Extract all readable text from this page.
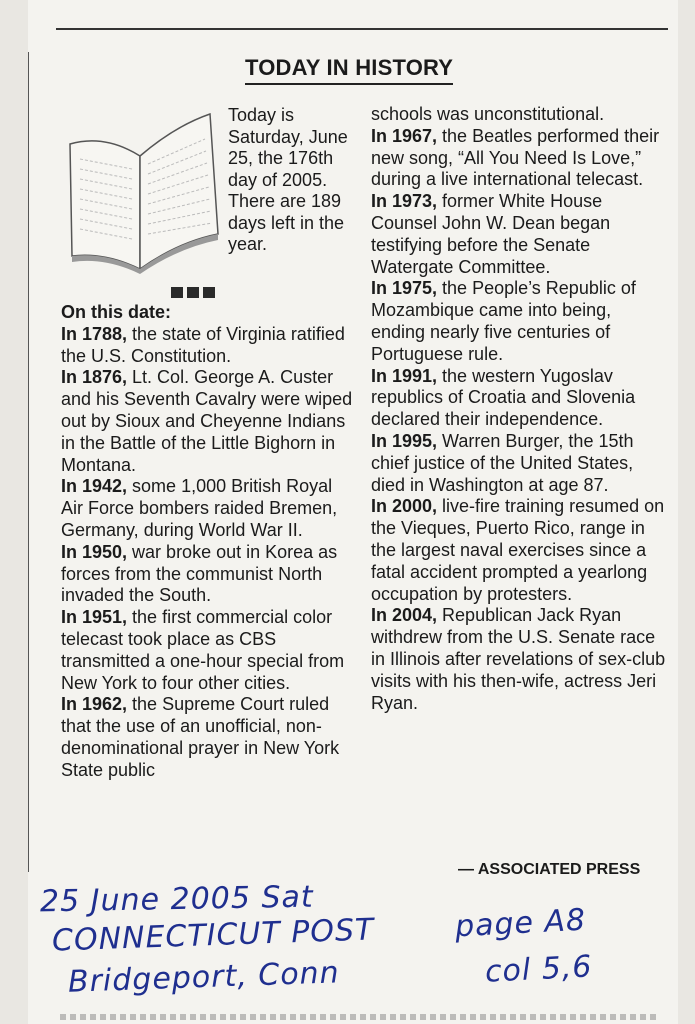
TODAY IN HISTORY
Today is Saturday, June 25, the 176th day of 2005. There are 189 days left in the year.

On this date:

In 1788, the state of Virginia ratified the U.S. Constitution.

In 1876, Lt. Col. George A. Custer and his Seventh Cavalry were wiped out by Sioux and Cheyenne Indians in the Battle of the Little Bighorn in Montana.

In 1942, some 1,000 British Royal Air Force bombers raided Bremen, Germany, during World War II.

In 1950, war broke out in Korea as forces from the communist North invaded the South.

In 1951, the first commercial color telecast took place as CBS transmitted a one-hour special from New York to four other cities.

In 1962, the Supreme Court ruled that the use of an unofficial, non-denominational prayer in New York State public

schools was unconstitutional.

In 1967, the Beatles performed their new song, “All You Need Is Love,” during a live international telecast.

In 1973, former White House Counsel John W. Dean began testifying before the Senate Watergate Committee.

In 1975, the People’s Republic of Mozambique came into being, ending nearly five centuries of Portuguese rule.

In 1991, the western Yugoslav republics of Croatia and Slovenia declared their independence.

In 1995, Warren Burger, the 15th chief justice of the United States, died in Washington at age 87.

In 2000, live-fire training resumed on the Vieques, Puerto Rico, range in the largest naval exercises since a fatal accident prompted a yearlong occupation by protesters.

In 2004, Republican Jack Ryan withdrew from the U.S. Senate race in Illinois after revelations of sex-club visits with his then-wife, actress Jeri Ryan.

— ASSOCIATED PRESS
25 June 2005 Sat
CONNECTICUT POST	page A8
Bridgeport, Conn	col 5,6
